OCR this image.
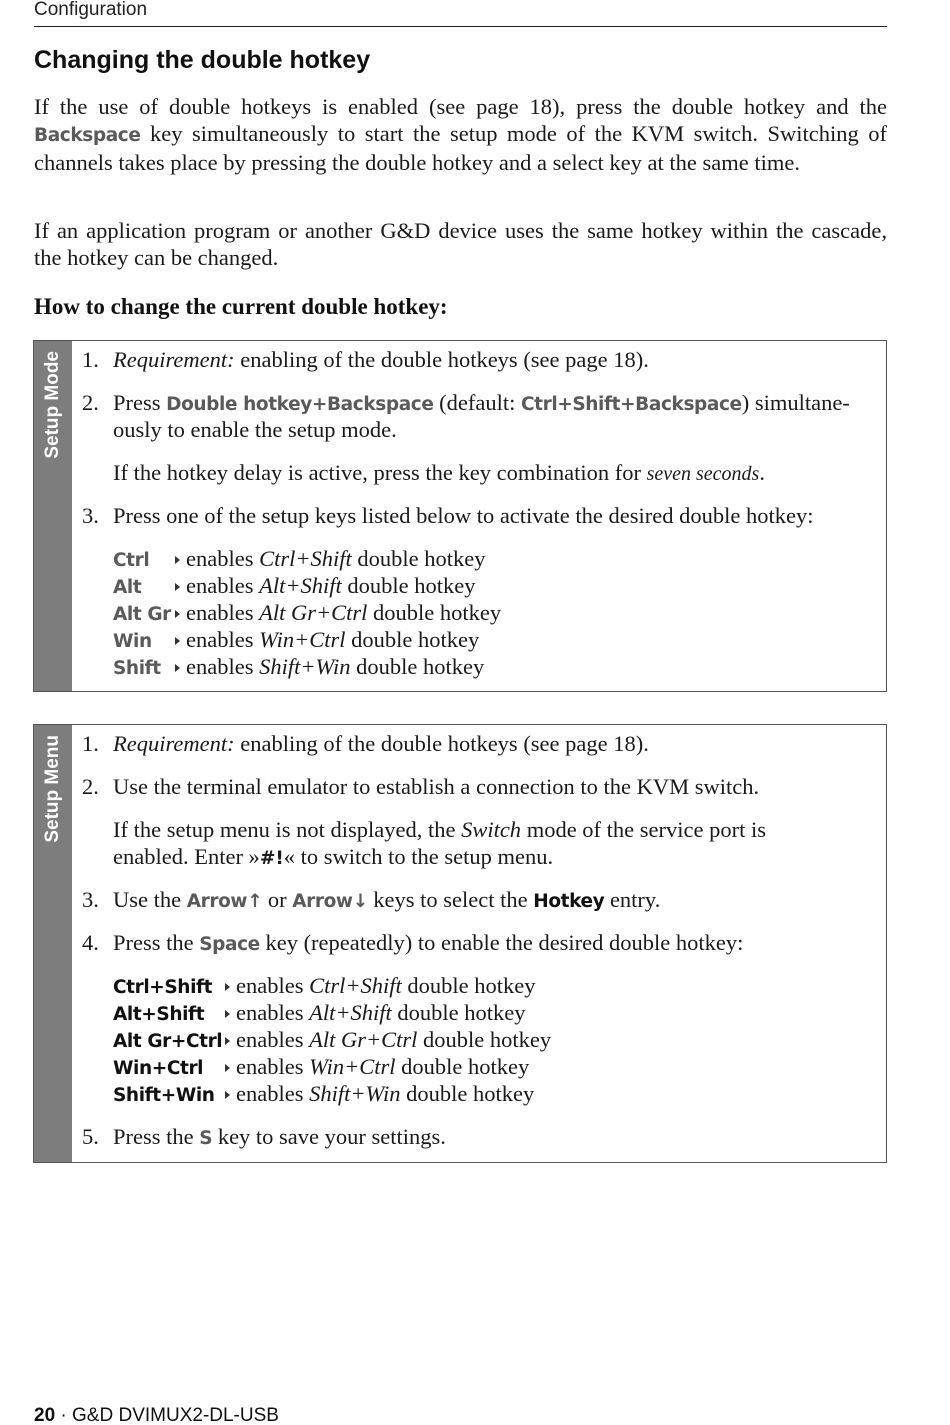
Configuration
Changing the double hotkey
If the use of double hotkeys is enabled (see page 18), press the double hotkey and the Backspace key simultaneously to start the setup mode of the KVM switch. Switching of channels takes place by pressing the double hotkey and a select key at the same time.
If an application program or another G&D device uses the same hotkey within the cascade, the hotkey can be changed.
How to change the current double hotkey:
Setup Mode 1. Requirement: enabling of the double hotkeys (see page 18).
2. Press Double hotkey+Backspace (default: Ctrl+Shift+Backspace) simultane-
ously to enable the setup mode.
If the hotkey delay is active, press the key combination for seven seconds.
3. Press one of the setup keys listed below to activate the desired double hotkey:
Ctrl enables Ctrl+Shift double hotkey
Alt enables Alt+Shift double hotkey
Alt Gr enables Alt Gr+Ctrl double hotkey
Win enables Win+Ctrl double hotkey
Shift enables Shift+Win double hotkey
Setup Menu 1. Requirement: enabling of the double hotkeys (see page 18).
2. Use the terminal emulator to establish a connection to the KVM switch.
If the setup menu is not displayed, the Switch mode of the service port is
enabled. Enter »#!« to switch to the setup menu.
3. Use the Arrow↑ or Arrow↓ keys to select the Hotkey entry.
4. Press the Space key (repeatedly) to enable the desired double hotkey:
Ctrl+Shift enables Ctrl+Shift double hotkey
Alt+Shift enables Alt+Shift double hotkey
Alt Gr+Ctrl enables Alt Gr+Ctrl double hotkey
Win+Ctrl enables Win+Ctrl double hotkey
Shift+Win enables Shift+Win double hotkey
5. Press the S key to save your settings.
20 · G&D DVIMUX2-DL-USB
